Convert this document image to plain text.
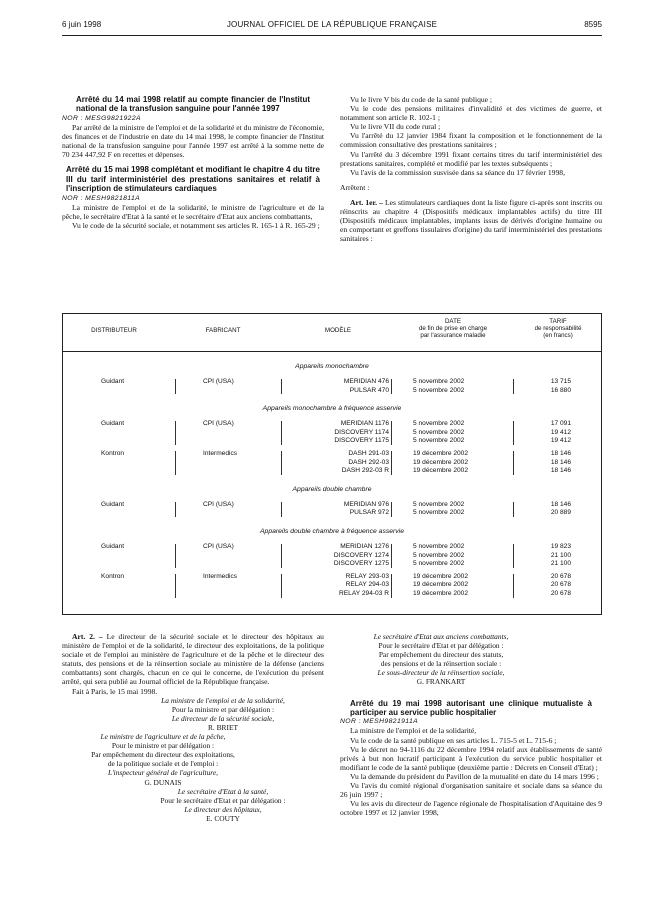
6 juin 1998	JOURNAL OFFICIEL DE LA RÉPUBLIQUE FRANÇAISE	8595

Arrêté du 14 mai 1998 relatif au compte financier de l'Institut national de la transfusion sanguine pour l'année 1997

NOR : MESG9821922A

Par arrêté de la ministre de l'emploi et de la solidarité et du ministre de l'économie, des finances et de l'industrie en date du 14 mai 1998, le compte financier de l'Institut national de la transfusion sanguine pour l'année 1997 est arrêté à la somme nette de 70 234 447,92 F en recettes et dépenses.

Arrêté du 15 mai 1998 complétant et modifiant le chapitre 4 du titre III du tarif interministériel des prestations sanitaires et relatif à l'inscription de stimulateurs cardiaques

NOR : MESH9821811A

La ministre de l'emploi et de la solidarité, le ministre de l'agriculture et de la pêche, le secrétaire d'Etat à la santé et le secrétaire d'Etat aux anciens combattants,

Vu le code de la sécurité sociale, et notamment ses articles R. 165-1 à R. 165-29 ;

Vu le livre V bis du code de la santé publique ;

Vu le code des pensions militaires d'invalidité et des victimes de guerre, et notamment son article R. 102-1 ;

Vu le livre VII du code rural ;

Vu l'arrêté du 12 janvier 1984 fixant la composition et le fonctionnement de la commission consultative des prestations sanitaires ;

Vu l'arrêté du 3 décembre 1991 fixant certains titres du tarif interministériel des prestations sanitaires, complété et modifié par les textes subséquents ;

Vu l'avis de la commission susvisée dans sa séance du 17 février 1998,

Arrêtent :

Art. 1er. – Les stimulateurs cardiaques dont la liste figure ci-après sont inscrits ou réinscrits au chapitre 4 (Dispositifs médicaux implantables actifs) du titre III (Dispositifs médicaux implantables, implants issus de dérivés d'origine humaine ou en comportant et greffons tissulaires d'origine) du tarif interministériel des prestations sanitaires :

DISTRIBUTEUR	FABRICANT	MODÈLE
DATE
de fin de prise en charge
par l'assurance maladie
TARIF
de responsabilité
(en francs)
Appareils monochambre
Guidant	CPI (USA)	MERIDIAN 476	5 novembre 2002	13 715
PULSAR 470	5 novembre 2002	16 880
Appareils monochambre à fréquence asservie
Guidant	CPI (USA)	MERIDIAN 1176	5 novembre 2002	17 091
DISCOVERY 1174	5 novembre 2002	19 412
DISCOVERY 1175	5 novembre 2002	19 412
Kontron	Intermedics	DASH 291-03	19 décembre 2002	18 146
DASH 292-03	19 décembre 2002	18 146
DASH 292-03 R	19 décembre 2002	18 146
Appareils double chambre
Guidant	CPI (USA)	MERIDIAN 976	5 novembre 2002	18 146
PULSAR 972	5 novembre 2002	20 889
Appareils double chambre à fréquence asservie
Guidant	CPI (USA)	MERIDIAN 1276	5 novembre 2002	19 823
DISCOVERY 1274	5 novembre 2002	21 100
DISCOVERY 1275	5 novembre 2002	21 100
Kontron	Intermedics	RELAY 293-03	19 décembre 2002	20 678
RELAY 294-03	19 décembre 2002	20 678
RELAY 294-03 R	19 décembre 2002	20 678

Art. 2. – Le directeur de la sécurité sociale et le directeur des hôpitaux au ministère de l'emploi et de la solidarité, le directeur des exploitations, de la politique sociale et de l'emploi au ministère de l'agriculture et de la pêche et le directeur des statuts, des pensions et de la réinsertion sociale au ministère de la défense (anciens combattants) sont chargés, chacun en ce qui le concerne, de l'exécution du présent arrêté, qui sera publié au Journal officiel de la République française.

Fait à Paris, le 15 mai 1998.

La ministre de l'emploi et de la solidarité,
Pour la ministre et par délégation :
Le directeur de la sécurité sociale,
R. BRIET
Le ministre de l'agriculture et de la pêche,
Pour le ministre et par délégation :
Par empêchement du directeur des exploitations,
de la politique sociale et de l'emploi :
L'inspecteur général de l'agriculture,
G. DUNAIS
Le secrétaire d'Etat à la santé,
Pour le secrétaire d'Etat et par délégation :
Le directeur des hôpitaux,
E. COUTY
Le secrétaire d'Etat aux anciens combattants,
Pour le secrétaire d'Etat et par délégation :
Par empêchement du directeur des statuts,
des pensions et de la réinsertion sociale :
Le sous-directeur de la réinsertion sociale,
G. FRANKART

Arrêté du 19 mai 1998 autorisant une clinique mutualiste à participer au service public hospitalier

NOR : MESH9821911A

La ministre de l'emploi et de la solidarité,

Vu le code de la santé publique en ses articles L. 715-5 et L. 715-6 ;

Vu le décret no 94-1116 du 22 décembre 1994 relatif aux établissements de santé privés à but non lucratif participant à l'exécution du service public hospitalier et modifiant le code de la santé publique (deuxième partie : Décrets en Conseil d'Etat) ;

Vu la demande du président du Pavillon de la mutualité en date du 14 mars 1996 ;

Vu l'avis du comité régional d'organisation sanitaire et sociale dans sa séance du 26 juin 1997 ;

Vu les avis du directeur de l'agence régionale de l'hospitalisation d'Aquitaine des 9 octobre 1997 et 12 janvier 1998,
